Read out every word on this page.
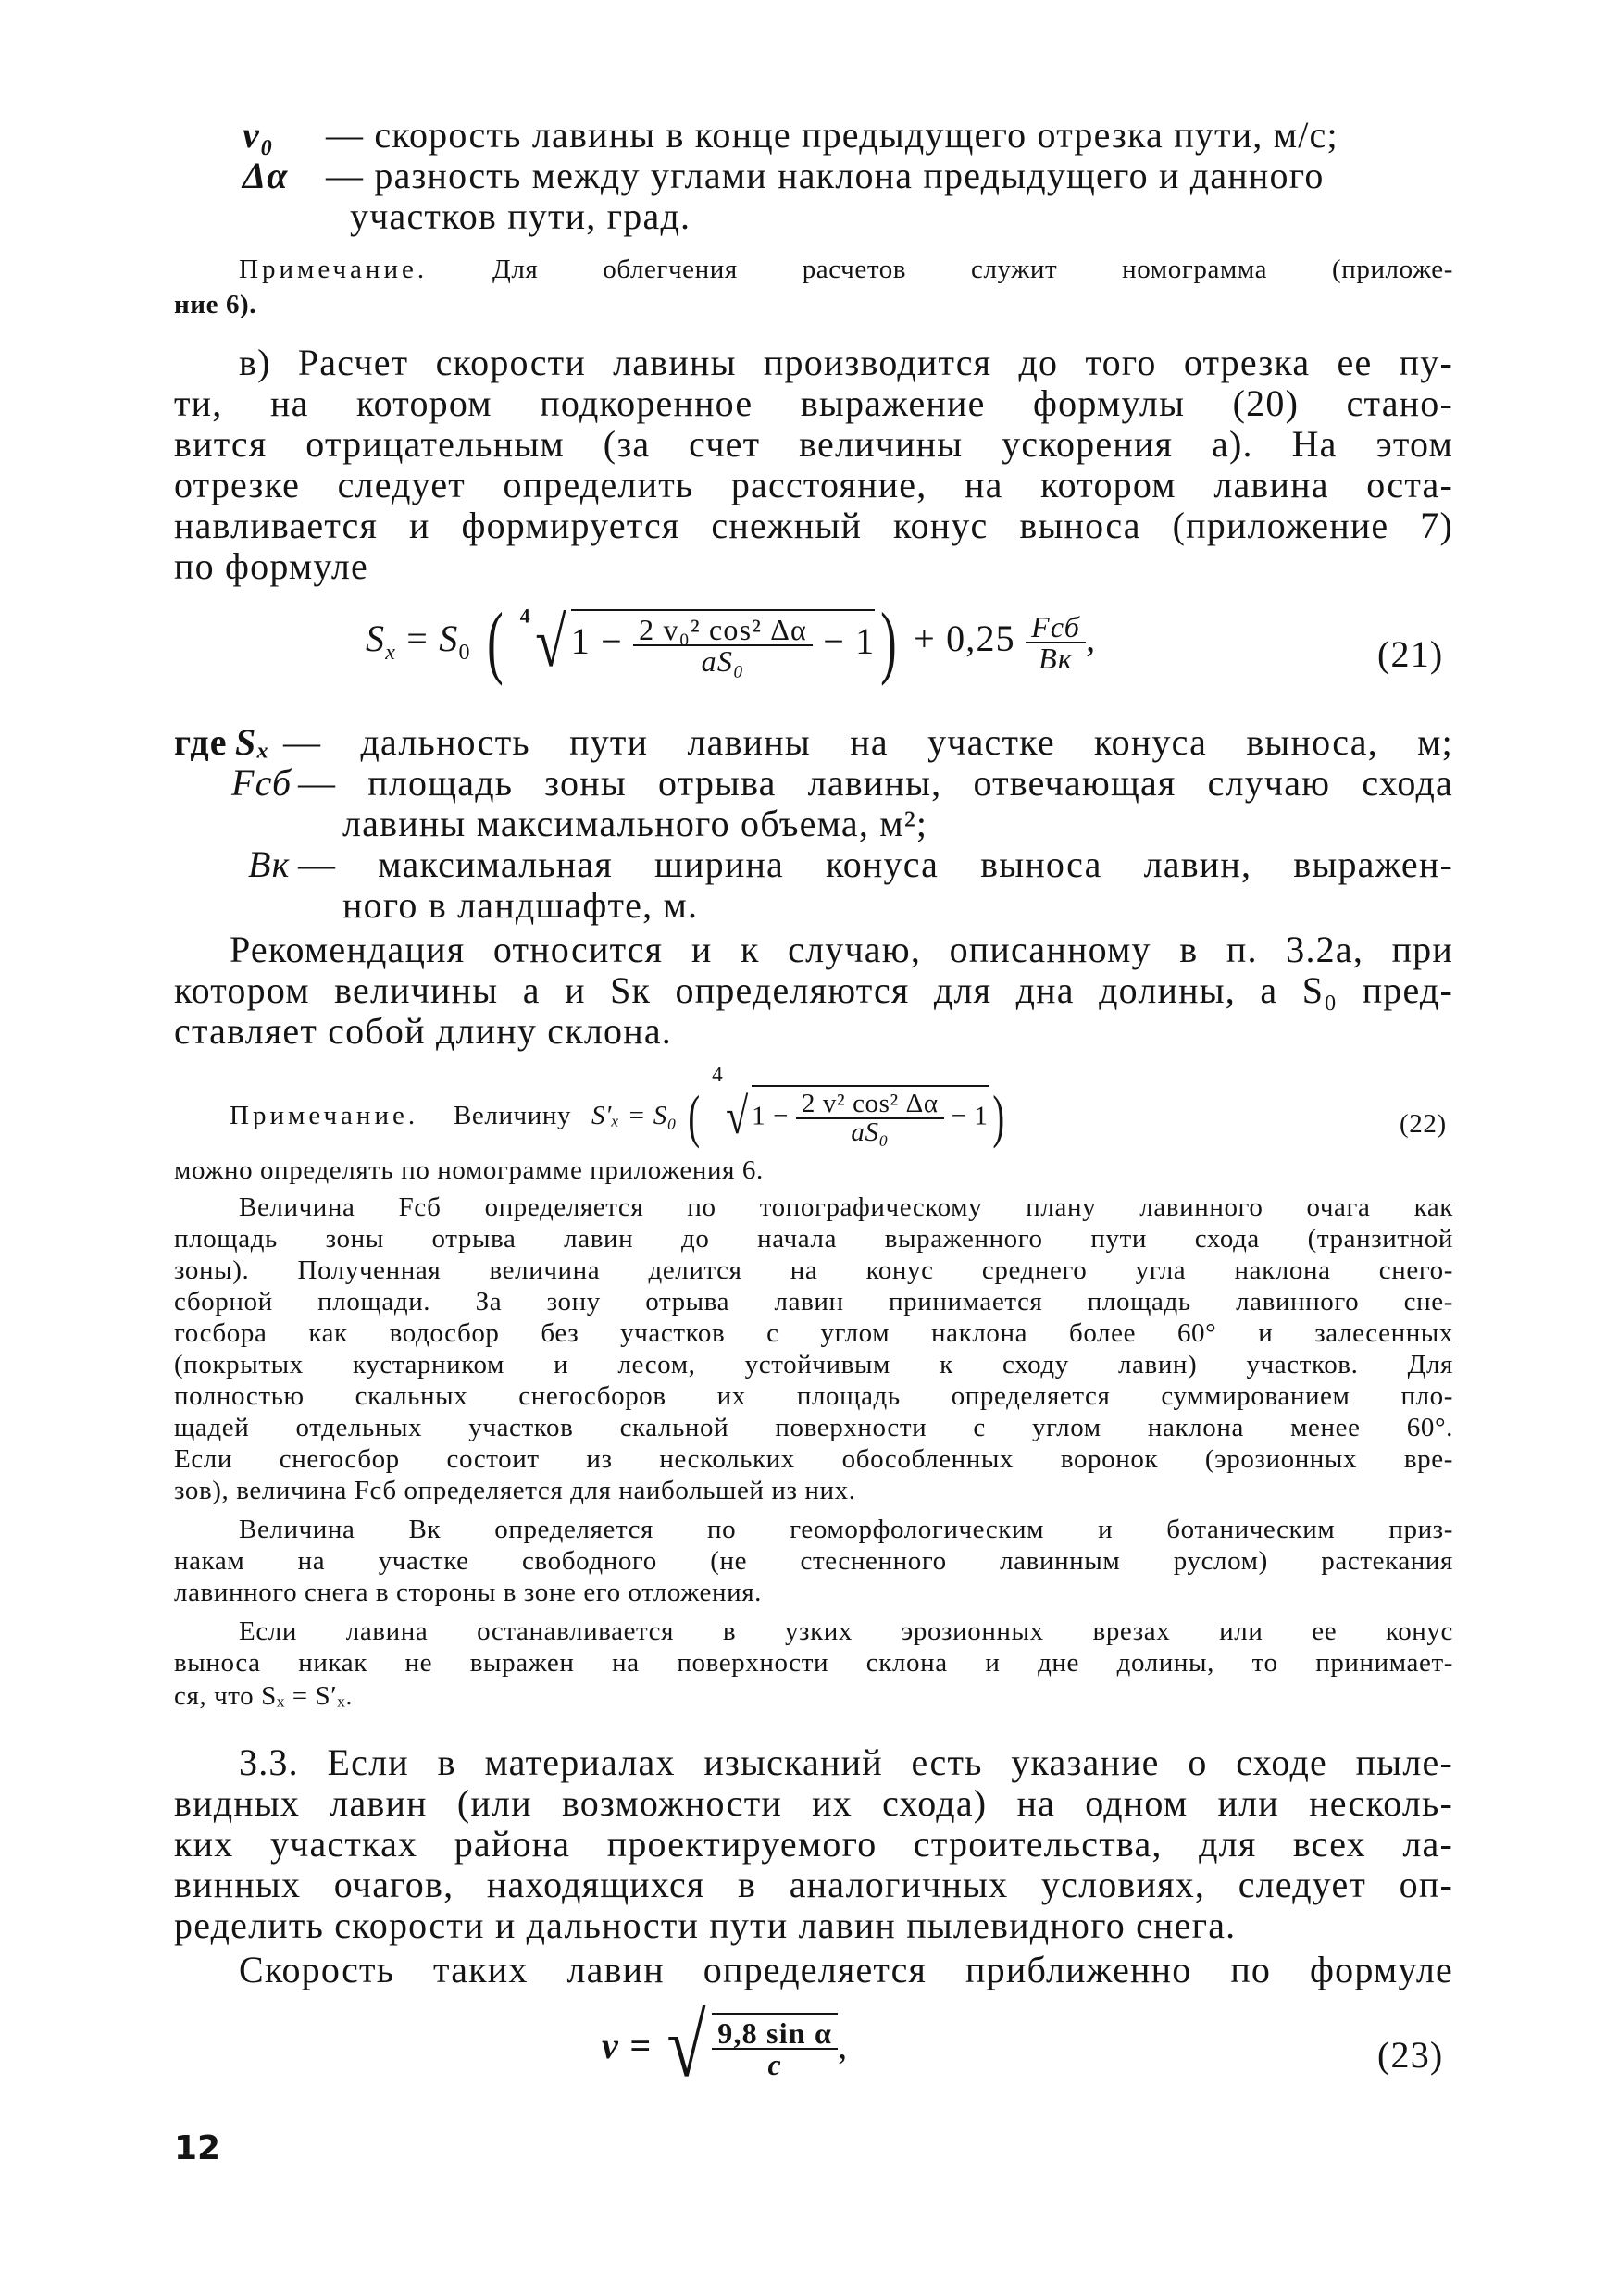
v₀ — скорость лавины в конце предыдущего отрезка пути, м/с;
Δα — разность между углами наклона предыдущего и данного
участков пути, град.
Примечание. Для облегчения расчетов служит номограмма (приложе-
ние 6).
в) Расчет скорости лавины производится до того отрезка ее пу-
ти, на котором подкоренное выражение формулы (20) стано-
вится отрицательным (за счет величины ускорения a). На этом
отрезке следует определить расстояние, на котором лавина оста-
навливается и формируется снежный конус выноса (приложение 7)
по формуле
$S_x = S_0$ ( $^4$√ $1 - \frac{\text{2 v₀² cos² Δα}}{\text{aS₀}} - 1) + 0,25 \frac{\text{Fсб}}{Bк}$ ,	(21)
где Sₓ — дальность пути лавины на участке конуса выноса, м;
Fсб — площадь зоны отрыва лавины, отвечающая случаю схода
лавины максимального объема, м²;
Bк — максимальная ширина конуса выноса лавин, выражен-
ного в ландшафте, м.
Рекомендация относится и к случаю, описанному в п. 3.2а, при
котором величины a и Sк определяются для дна долины, а S₀ пред-
ставляет собой длину склона.
Примечание. Величину S′ₓ = S₀ ( $^4$√ $1 - \frac{\text{2 v² cos² Δα}}{\text{aS₀}} - 1$)	(22)
можно определять по номограмме приложения 6.
Величина Fсб определяется по топографическому плану лавинного очага как
площадь зоны отрыва лавин до начала выраженного пути схода (транзитной
зоны). Полученная величина делится на конус среднего угла наклона снего-
сборной площади. За зону отрыва лавин принимается площадь лавинного сне-
госбора как водосбор без участков с углом наклона более 60° и залесенных
(покрытых кустарником и лесом, устойчивым к сходу лавин) участков. Для
полностью скальных снегосборов их площадь определяется суммированием пло-
щадей отдельных участков скальной поверхности с углом наклона менее 60°.
Если снегосбор состоит из нескольких обособленных воронок (эрозионных вре-
зов), величина Fсб определяется для наибольшей из них.
Величина Bк определяется по геоморфологическим и ботаническим приз-
накам на участке свободного (не стесненного лавинным руслом) растекания
лавинного снега в стороны в зоне его отложения.
Если лавина останавливается в узких эрозионных врезах или ее конус
выноса никак не выражен на поверхности склона и дне долины, то принимает-
ся, что Sₓ = S′ₓ.
3.3. Если в материалах изысканий есть указание о сходе пыле-
видных лавин (или возможности их схода) на одном или несколь-
ких участках района проектируемого строительства, для всех ла-
винных очагов, находящихся в аналогичных условиях, следует оп-
ределить скорости и дальности пути лавин пылевидного снега.
Скорость таких лавин определяется приближенно по формуле
v = √ $\frac{\text{9,8 sin α}}{c}$ ,	(23)
12
